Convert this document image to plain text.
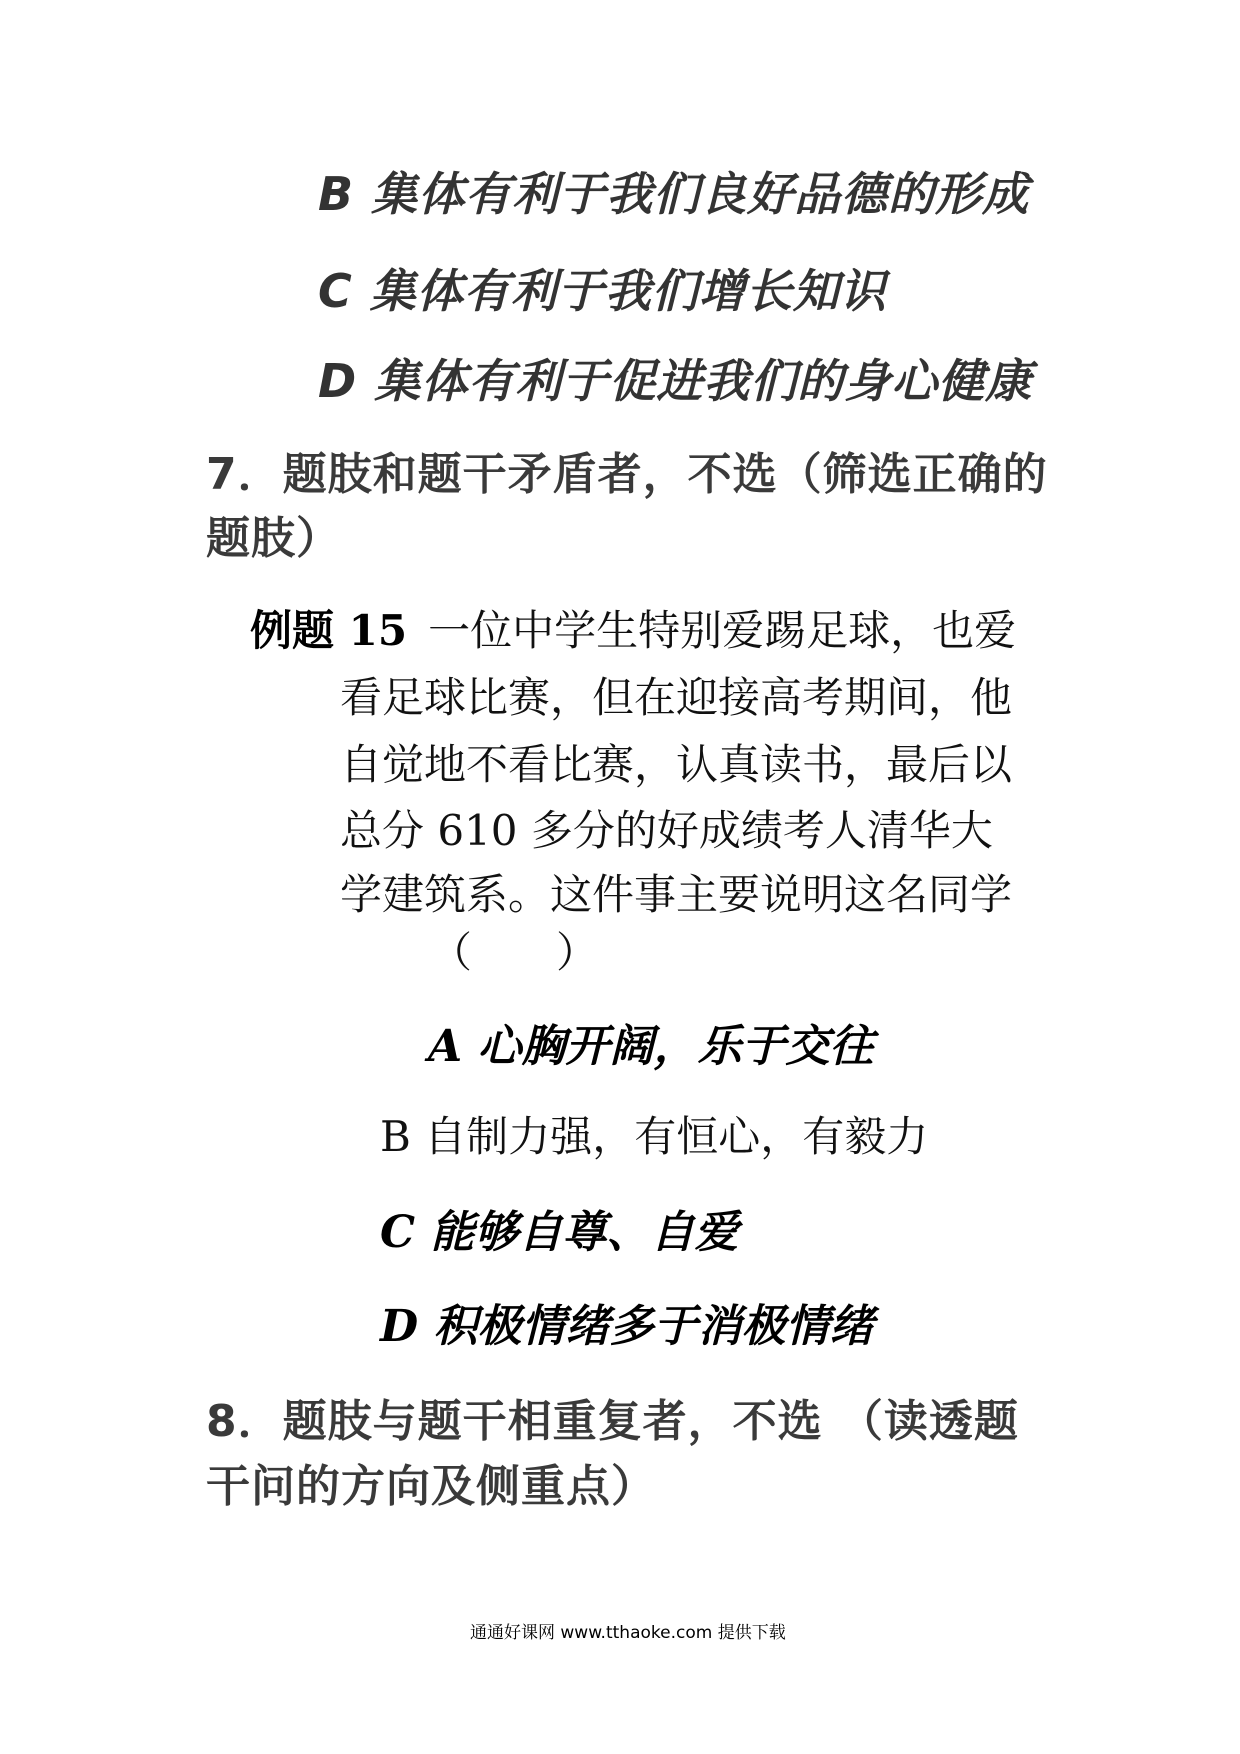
B 集体有利于我们良好品德的形成
C 集体有利于我们增长知识
D 集体有利于促进我们的身心健康
7．题肢和题干矛盾者，不选（筛选正确的
题肢）
例题 15 一位中学生特别爱踢足球，也爱
看足球比赛，但在迎接高考期间，他
自觉地不看比赛，认真读书，最后以
总分 610 多分的好成绩考人清华大
学建筑系。这件事主要说明这名同学
（　　）
A 心胸开阔，乐于交往
B 自制力强，有恒心，有毅力
C 能够自尊、自爱
D 积极情绪多于消极情绪
8．题肢与题干相重复者，不选 （读透题
干问的方向及侧重点）
通通好课网 www.tthaoke.com 提供下载
